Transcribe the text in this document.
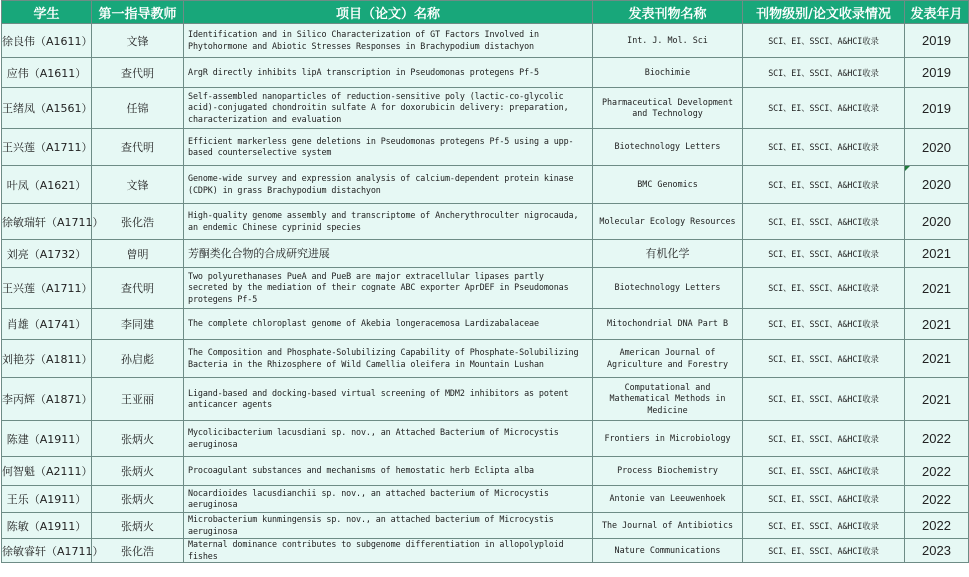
学生	第一指导教师	项目（论文）名称	发表刊物名称	刊物级别/论文收录情况	发表年月
徐良伟（A1611）	文锋	Identification and in Silico Characterization of GT Factors Involved in Phytohormone and Abiotic Stresses Responses in Brachypodium distachyon	Int. J. Mol. Sci	SCI、EI、SSCI、A&HCI收录	2019
应伟（A1611）	查代明	ArgR directly inhibits lipA transcription in Pseudomonas protegens Pf-5	Biochimie	SCI、EI、SSCI、A&HCI收录	2019
王绪凤（A1561）	任锦	Self-assembled nanoparticles of reduction-sensitive poly (lactic-co-glycolic acid)-conjugated chondroitin sulfate A for doxorubicin delivery: preparation, characterization and evaluation	Pharmaceutical Development and Technology	SCI、EI、SSCI、A&HCI收录	2019
王兴莲（A1711）	查代明	Efficient markerless gene deletions in Pseudomonas protegens Pf-5 using a upp-based counterselective system	Biotechnology Letters	SCI、EI、SSCI、A&HCI收录	2020
叶凤（A1621）	文锋	Genome-wide survey and expression analysis of calcium-dependent protein kinase (CDPK) in grass Brachypodium distachyon	BMC Genomics	SCI、EI、SSCI、A&HCI收录	2020
徐敏瑞轩（A1711）	张化浩	High-quality genome assembly and transcriptome of Ancherythroculter nigrocauda, an endemic Chinese cyprinid species	Molecular Ecology Resources	SCI、EI、SSCI、A&HCI收录	2020
刘亮（A1732）	曾明	芳酮类化合物的合成研究进展	有机化学	SCI、EI、SSCI、A&HCI收录	2021
王兴莲（A1711）	查代明	Two polyurethanases PueA and PueB are major extracellular lipases partly secreted by the mediation of their cognate ABC exporter AprDEF in Pseudomonas protegens Pf-5	Biotechnology Letters	SCI、EI、SSCI、A&HCI收录	2021
肖雄（A1741）	李同建	The complete chloroplast genome of Akebia longeracemosa Lardizabalaceae	Mitochondrial DNA Part B	SCI、EI、SSCI、A&HCI收录	2021
刘艳芬（A1811）	孙启彪	The Composition and Phosphate-Solubilizing Capability of Phosphate-Solubilizing Bacteria in the Rhizosphere of Wild Camellia oleifera in Mountain Lushan	American Journal of Agriculture and Forestry	SCI、EI、SSCI、A&HCI收录	2021
李丙辉（A1871）	王亚丽	Ligand-based and docking-based virtual screening of MDM2 inhibitors as potent anticancer agents	Computational and Mathematical Methods in Medicine	SCI、EI、SSCI、A&HCI收录	2021
陈建（A1911）	张炳火	Mycolicibacterium lacusdiani sp. nov., an Attached Bacterium of Microcystis aeruginosa	Frontiers in Microbiology	SCI、EI、SSCI、A&HCI收录	2022
何智魁（A2111）	张炳火	Procoagulant substances and mechanisms of hemostatic herb Eclipta alba	Process Biochemistry	SCI、EI、SSCI、A&HCI收录	2022
王乐（A1911）	张炳火	Nocardioides lacusdianchii sp. nov., an attached bacterium of Microcystis aeruginosa	Antonie van Leeuwenhoek	SCI、EI、SSCI、A&HCI收录	2022
陈敏（A1911）	张炳火	Microbacterium kunmingensis sp. nov., an attached bacterium of Microcystis aeruginosa	The Journal of Antibiotics	SCI、EI、SSCI、A&HCI收录	2022
徐敏睿轩（A1711）	张化浩	Maternal dominance contributes to subgenome differentiation in allopolyploid fishes	Nature Communications	SCI、EI、SSCI、A&HCI收录	2023
